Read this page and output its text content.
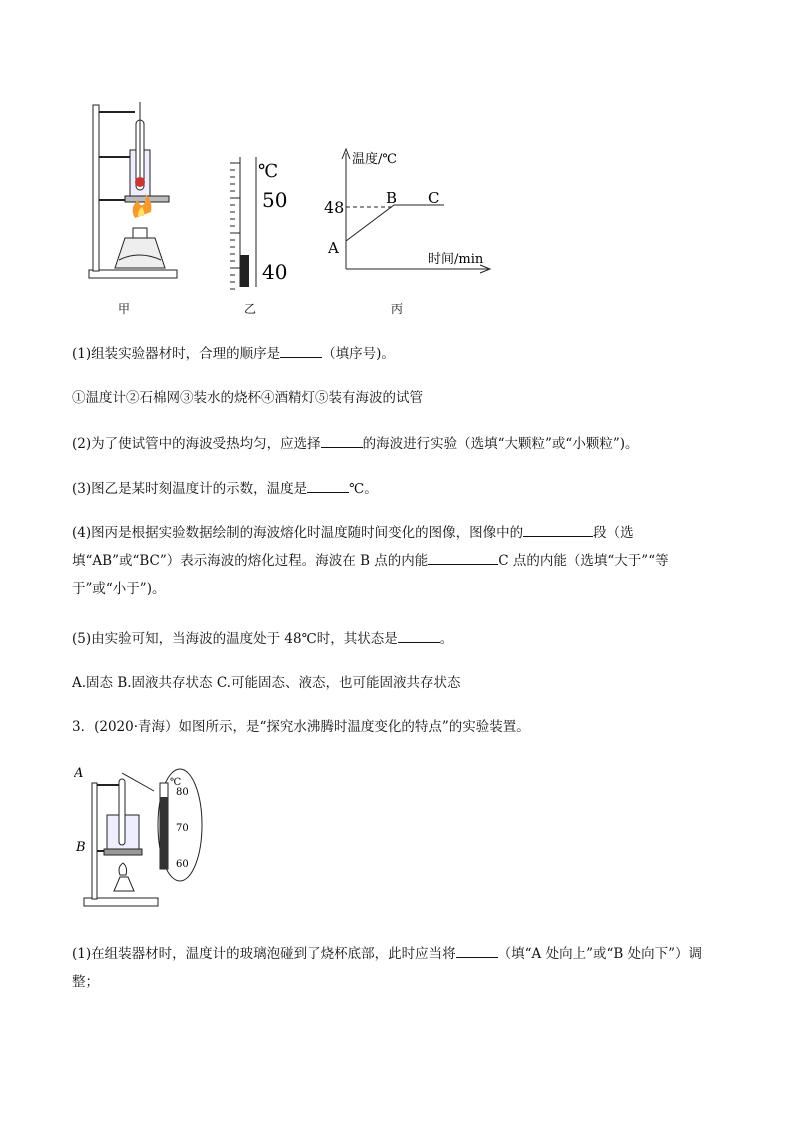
甲
℃
50
40
乙
温度/℃
时间/min
48
A
B C
丙
(1)组装实验器材时，合理的顺序是	（填序号)。
①温度计②石棉网③装水的烧杯④酒精灯⑤装有海波的试管
(2)为了使试管中的海波受热均匀，应选择	的海波进行实验（选填“大颗粒”或“小颗粒”)。
(3)图乙是某时刻温度计的示数，温度是	℃。
(4)图丙是根据实验数据绘制的海波熔化时温度随时间变化的图像，图像中的	段（选填“AB”或“BC”）表示海波的熔化过程。海波在 B 点的内能	C 点的内能（选填“大于”“等于”或“小于”)。
(5)由实验可知，当海波的温度处于 48℃时，其状态是	。
A.固态 B.固液共存状态 C.可能固态、液态，也可能固液共存状态
3．(2020·青海）如图所示，是“探究水沸腾时温度变化的特点”的实验装置。
A
B
℃
80
70
60
(1)在组装器材时，温度计的玻璃泡碰到了烧杯底部，此时应当将	（填“A 处向上”或“B 处向下”）调整；
